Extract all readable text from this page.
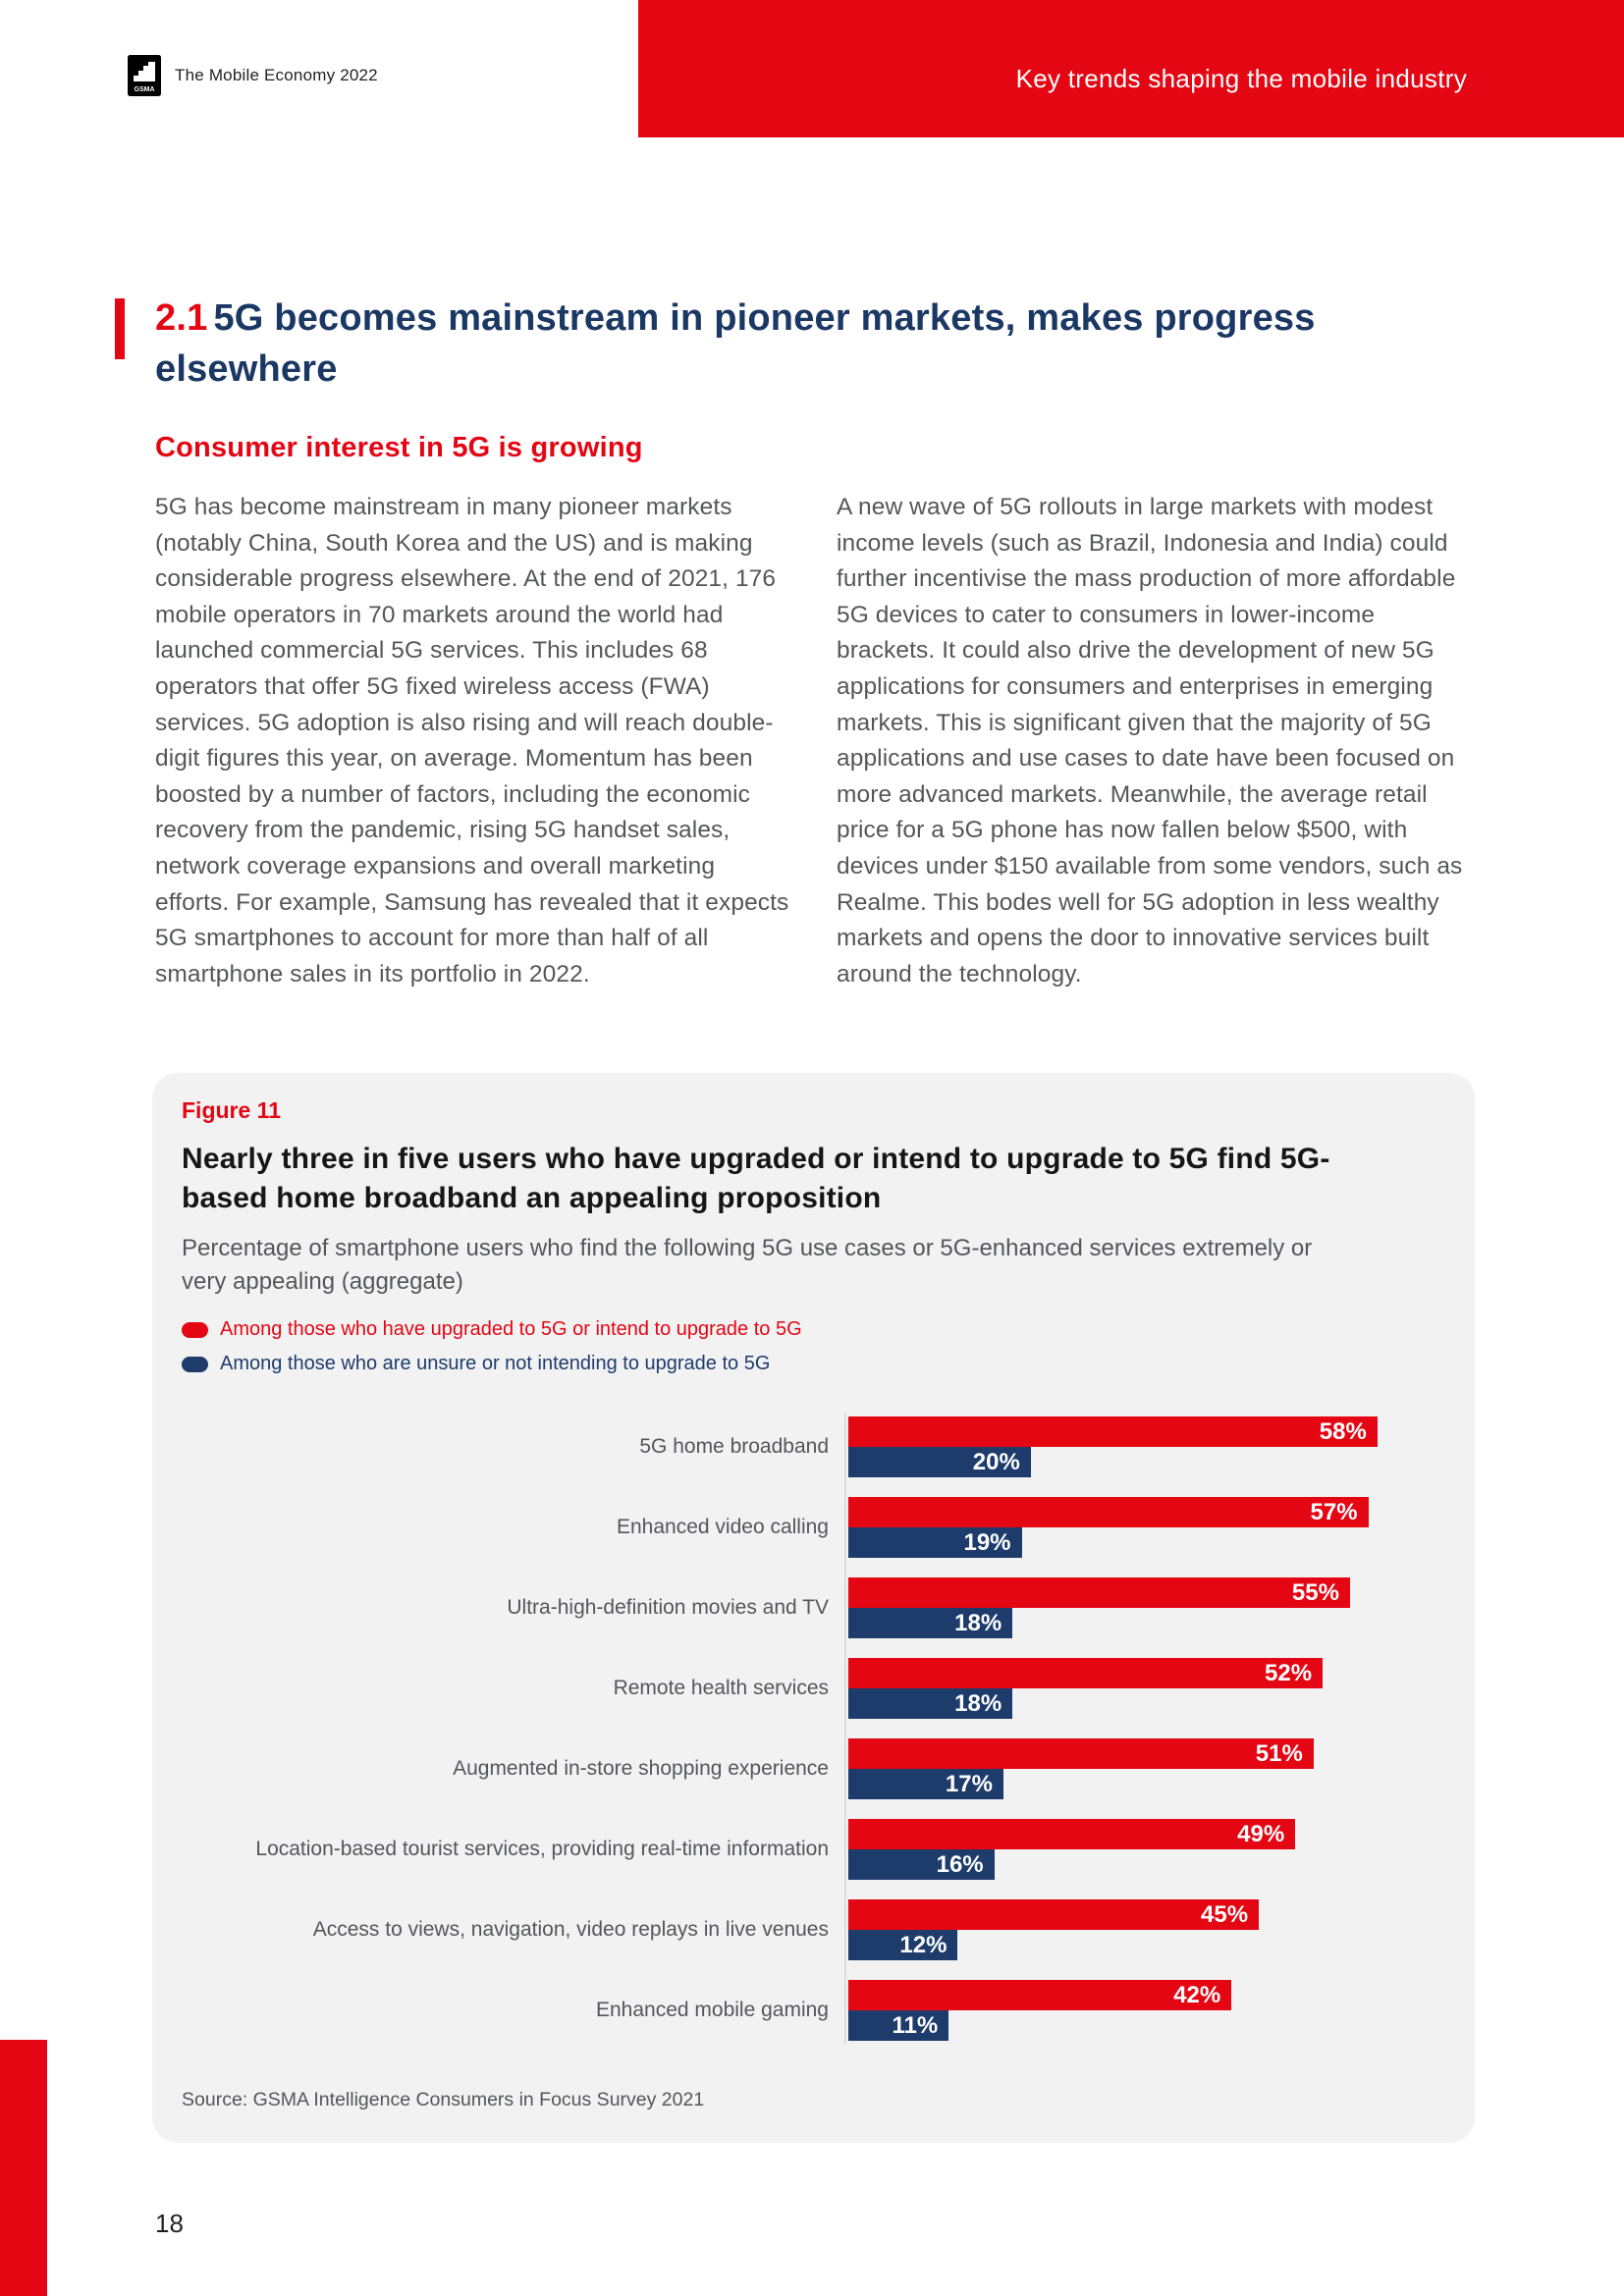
GSMA
The Mobile Economy 2022	Key trends shaping the mobile industry
2.1 5G becomes mainstream in pioneer markets, makes progress elsewhere
Consumer interest in 5G is growing

5G has become mainstream in many pioneer markets (notably China, South Korea and the US) and is making considerable progress elsewhere. At the end of 2021, 176 mobile operators in 70 markets around the world had launched commercial 5G services. This includes 68 operators that offer 5G fixed wireless access (FWA) services. 5G adoption is also rising and will reach double-digit figures this year, on average. Momentum has been boosted by a number of factors, including the economic recovery from the pandemic, rising 5G handset sales, network coverage expansions and overall marketing efforts. For example, Samsung has revealed that it expects 5G smartphones to account for more than half of all smartphone sales in its portfolio in 2022.

A new wave of 5G rollouts in large markets with modest income levels (such as Brazil, Indonesia and India) could further incentivise the mass production of more affordable 5G devices to cater to consumers in lower-income brackets. It could also drive the development of new 5G applications for consumers and enterprises in emerging markets. This is significant given that the majority of 5G applications and use cases to date have been focused on more advanced markets. Meanwhile, the average retail price for a 5G phone has now fallen below $500, with devices under $150 available from some vendors, such as Realme. This bodes well for 5G adoption in less wealthy markets and opens the door to innovative services built around the technology.

Figure 11
Nearly three in five users who have upgraded or intend to upgrade to 5G find 5G-based home broadband an appealing proposition

Percentage of smartphone users who find the following 5G use cases or 5G-enhanced services extremely or very appealing (aggregate)

Among those who have upgraded to 5G or intend to upgrade to 5G
Among those who are unsure or not intending to upgrade to 5G
5G home broadband
58%
20%
Enhanced video calling
57%
19%
Ultra-high-definition movies and TV
55%
18%
Remote health services
52%
18%
Augmented in-store shopping experience
51%
17%
Location-based tourist services, providing real-time information
49%
16%
Access to views, navigation, video replays in live venues
45%
12%
Enhanced mobile gaming
42%
11%

Source: GSMA Intelligence Consumers in Focus Survey 2021

18
